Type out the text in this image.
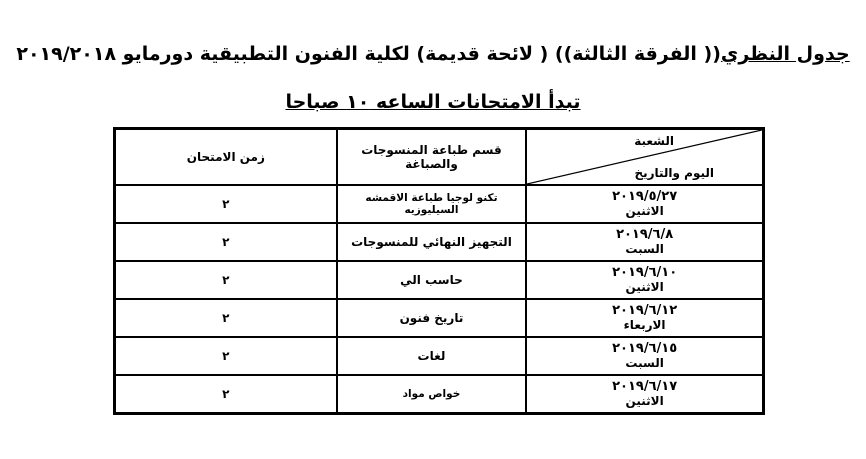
جدول النظري(( الفرقة الثالثة)) ( لائحة قديمة) لكلية الفنون التطبيقية دورمايو ٢٠١٩/٢٠١٨
تبدأ الامتحانات الساعه ١٠ صباحا
زمن الامتحان	قسم طباعة المنسوجات والصباغة	الشعبة
اليوم والتاريخ

٢	تكنو لوجيا طباعة الاقمشه السيليوزيه	٢٠١٩/٥/٢٧
الاثنين

٢	التجهيز النهائي للمنسوجات	٢٠١٩/٦/٨
السبت

٢	حاسب الي	٢٠١٩/٦/١٠
الاثنين

٢	تاريخ فنون	٢٠١٩/٦/١٢
الاربعاء

٢	لغات	٢٠١٩/٦/١٥
السبت

٢	خواص مواد	٢٠١٩/٦/١٧
الاثنين
